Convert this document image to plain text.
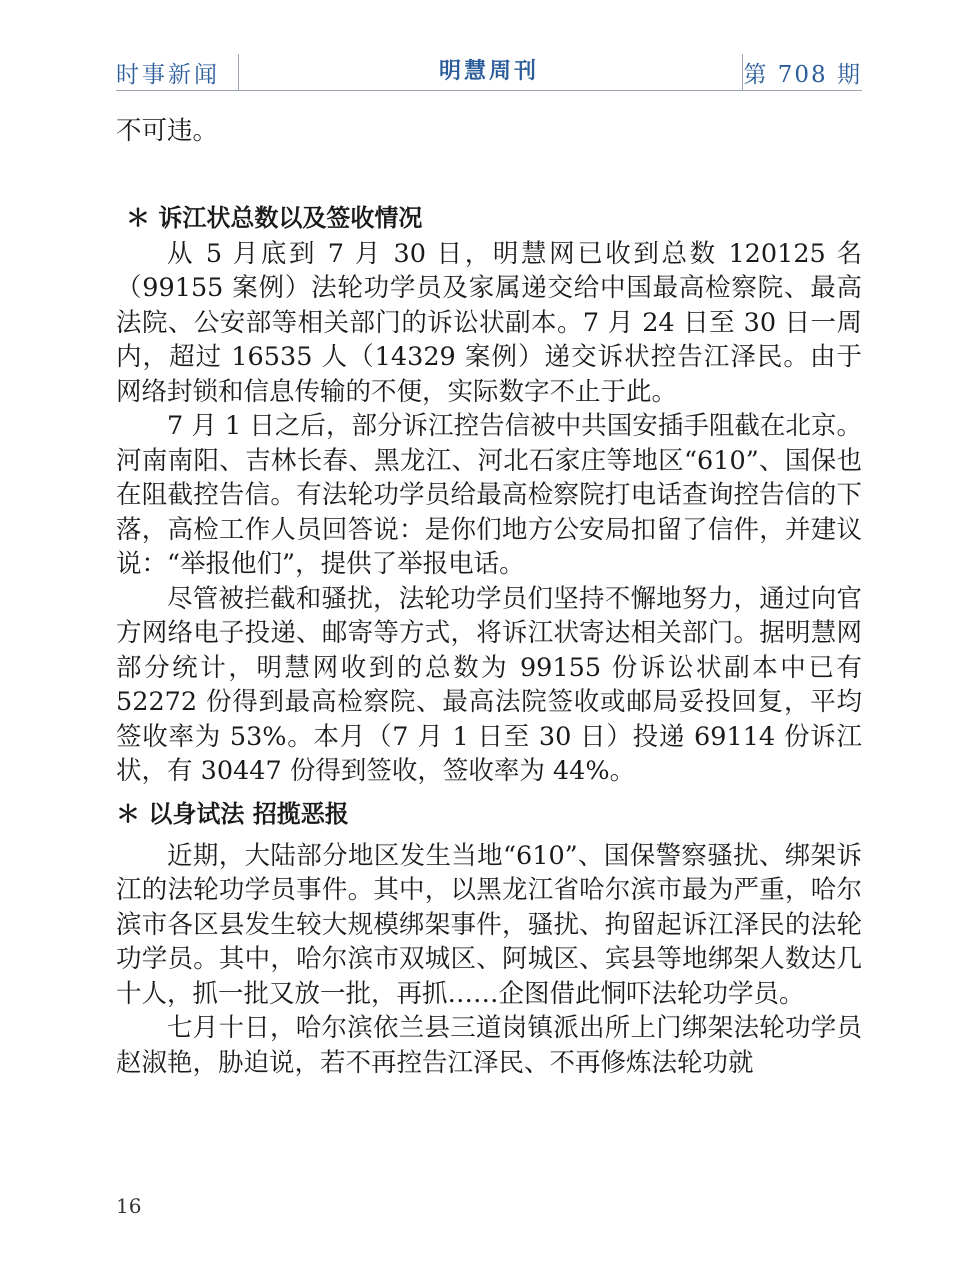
时事新闻	明慧周刊	第 708 期

不可违。

＊ 诉江状总数以及签收情况

从 5 月底到 7 月 30 日，明慧网已收到总数 120125 名（99155 案例）法轮功学员及家属递交给中国最高检察院、最高法院、公安部等相关部门的诉讼状副本。7 月 24 日至 30 日一周内，超过 16535 人（14329 案例）递交诉状控告江泽民。由于网络封锁和信息传输的不便，实际数字不止于此。

7 月 1 日之后，部分诉江控告信被中共国安插手阻截在北京。河南南阳、吉林长春、黑龙江、河北石家庄等地区“610”、国保也在阻截控告信。有法轮功学员给最高检察院打电话查询控告信的下落，高检工作人员回答说：是你们地方公安局扣留了信件，并建议说：“举报他们”，提供了举报电话。

尽管被拦截和骚扰，法轮功学员们坚持不懈地努力，通过向官方网络电子投递、邮寄等方式，将诉江状寄达相关部门。据明慧网部分统计，明慧网收到的总数为 99155 份诉讼状副本中已有 52272 份得到最高检察院、最高法院签收或邮局妥投回复，平均签收率为 53%。本月（7 月 1 日至 30 日）投递 69114 份诉江状，有 30447 份得到签收，签收率为 44%。

＊ 以身试法 招揽恶报

近期，大陆部分地区发生当地“610”、国保警察骚扰、绑架诉江的法轮功学员事件。其中，以黑龙江省哈尔滨市最为严重，哈尔滨市各区县发生较大规模绑架事件，骚扰、拘留起诉江泽民的法轮功学员。其中，哈尔滨市双城区、阿城区、宾县等地绑架人数达几十人，抓一批又放一批，再抓……企图借此恫吓法轮功学员。

七月十日，哈尔滨依兰县三道岗镇派出所上门绑架法轮功学员赵淑艳，胁迫说，若不再控告江泽民、不再修炼法轮功就

16
